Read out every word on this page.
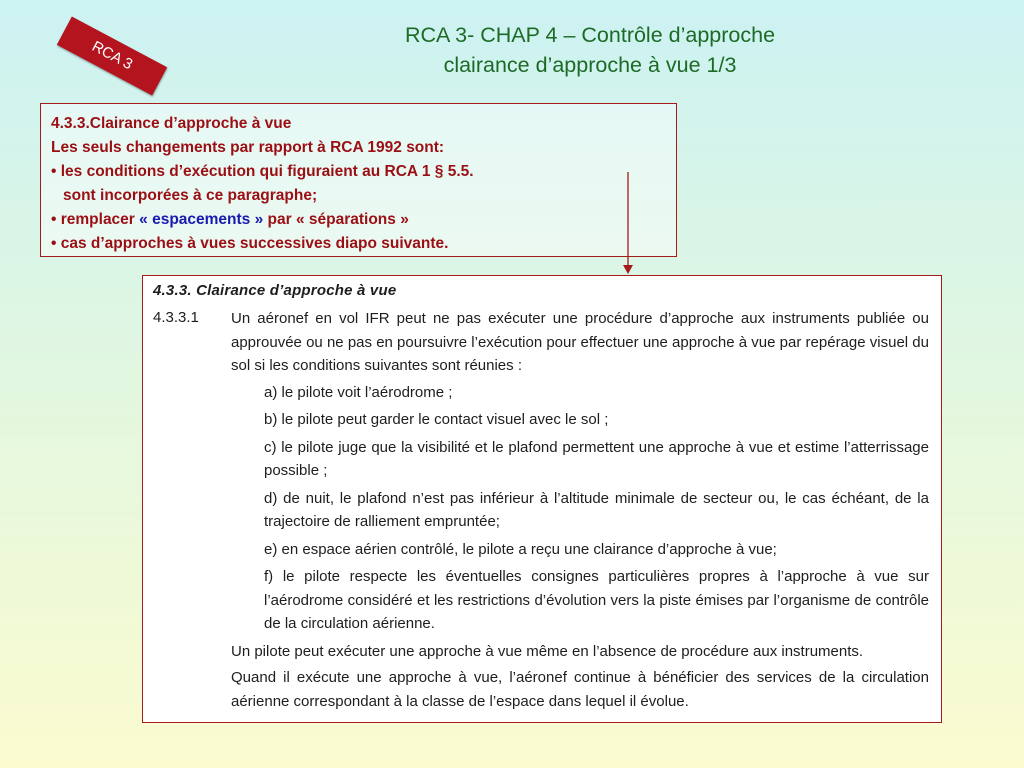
RCA 3
RCA 3- CHAP 4 – Contrôle d’approche
clairance d’approche à vue 1/3
4.3.3.Clairance d’approche à vue
Les seuls changements par rapport à RCA 1992 sont:
• les conditions d’exécution qui figuraient au RCA 1 § 5.5.
sont incorporées à ce paragraphe;
• remplacer « espacements » par « séparations »
• cas d’approches à vues successives diapo suivante.
4.3.3. Clairance d’approche à vue
4.3.3.1 Un aéronef en vol IFR peut ne pas exécuter une procédure d’approche aux instruments publiée ou approuvée ou ne pas en poursuivre l’exécution pour effectuer une approche à vue par repérage visuel du sol si les conditions suivantes sont réunies :

a) le pilote voit l’aérodrome ;

b) le pilote peut garder le contact visuel avec le sol ;

c) le pilote juge que la visibilité et le plafond permettent une approche à vue et estime l’atterrissage possible ;

d) de nuit, le plafond n’est pas inférieur à l’altitude minimale de secteur ou, le cas échéant, de la trajectoire de ralliement empruntée;

e) en espace aérien contrôlé, le pilote a reçu une clairance d’approche à vue;

f) le pilote respecte les éventuelles consignes particulières propres à l’approche à vue sur l’aérodrome considéré et les restrictions d’évolution vers la piste émises par l’organisme de contrôle de la circulation aérienne.

Un pilote peut exécuter une approche à vue même en l’absence de procédure aux instruments.

Quand il exécute une approche à vue, l’aéronef continue à bénéficier des services de la circulation aérienne correspondant à la classe de l’espace dans lequel il évolue.
